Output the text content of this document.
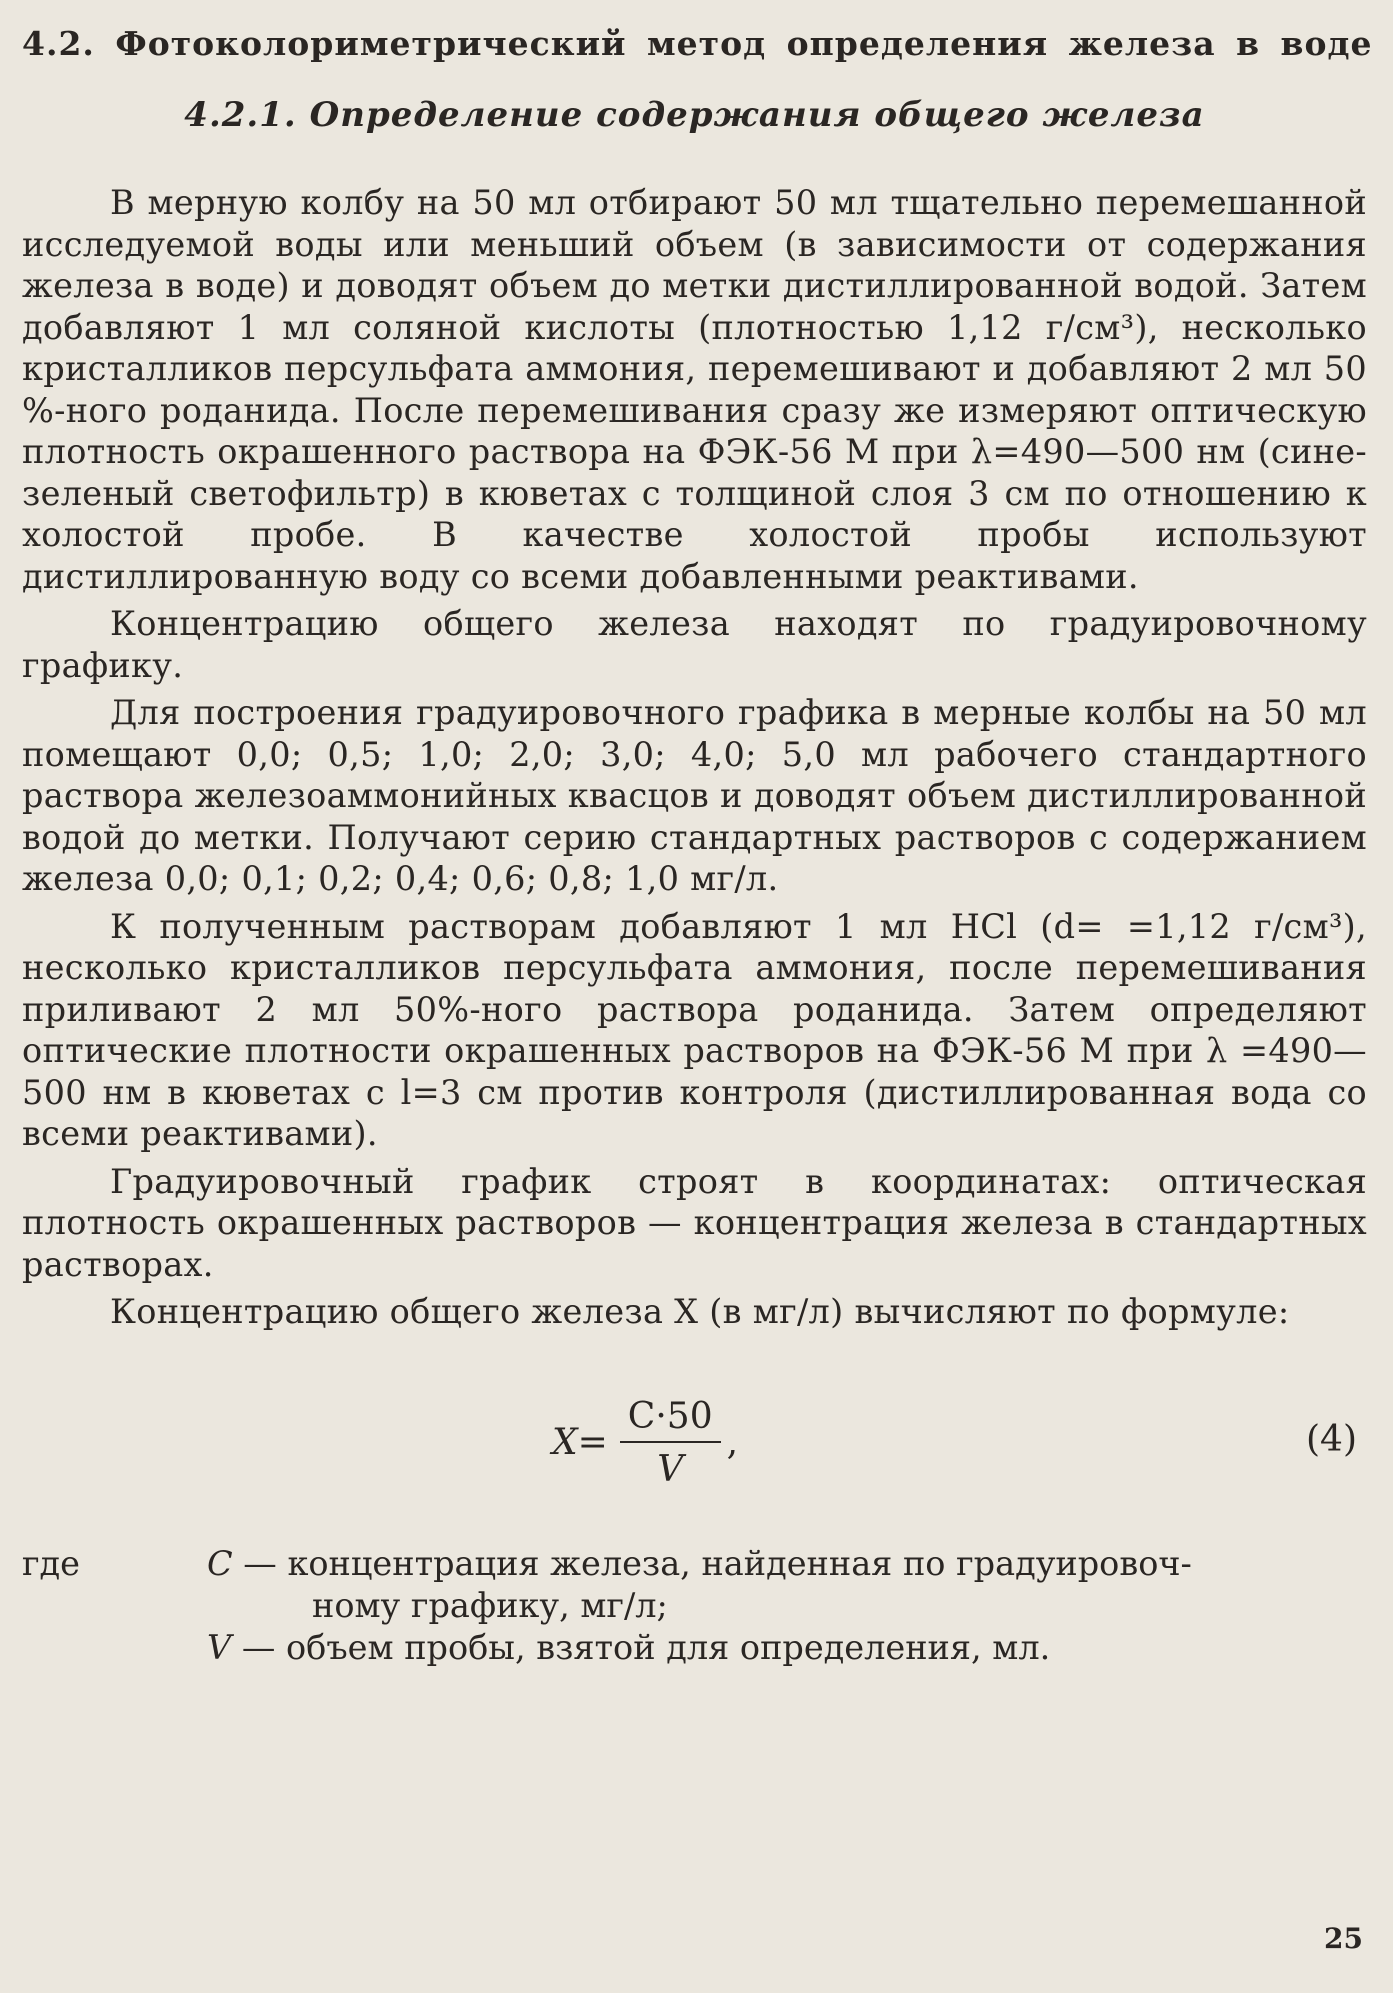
4.2. Фотоколориметрический метод определения железа в воде
4.2.1. Определение содержания общего железа

В мерную колбу на 50 мл отбирают 50 мл тщательно перемешанной исследуемой воды или меньший объем (в зависимости от содержания железа в воде) и доводят объем до метки дистиллированной водой. Затем добавляют 1 мл соляной кислоты (плотностью 1,12 г/см³), несколько кристалликов персульфата аммония, перемешивают и добавляют 2 мл 50 %-ного роданида. После перемешивания сразу же измеряют оптическую плотность окрашенного раствора на ФЭК-56 М при λ=490—500 нм (сине-зеленый светофильтр) в кюветах с толщиной слоя 3 см по отношению к холостой пробе. В качестве холостой пробы используют дистиллированную воду со всеми добавленными реактивами.

Концентрацию общего железа находят по градуировочному графику.

Для построения градуировочного графика в мерные колбы на 50 мл помещают 0,0; 0,5; 1,0; 2,0; 3,0; 4,0; 5,0 мл рабочего стандартного раствора железоаммонийных квасцов и доводят объем дистиллированной водой до метки. Получают серию стандартных растворов с содержанием железа 0,0; 0,1; 0,2; 0,4; 0,6; 0,8; 1,0 мг/л.

К полученным растворам добавляют 1 мл HCl (d= =1,12 г/см³), несколько кристалликов персульфата аммония, после перемешивания приливают 2 мл 50%-ного раствора роданида. Затем определяют оптические плотности окрашенных растворов на ФЭК-56 М при λ =490—500 нм в кюветах с l=3 см против контроля (дистиллированная вода со всеми реактивами).

Градуировочный график строят в координатах: оптическая плотность окрашенных растворов — концентрация железа в стандартных растворах.

Концентрацию общего железа X (в мг/л) вычисляют по формуле:

$X= \frac{C\cdot 50}{V}$ ,	(4)
где	C — концентрация железа, найденная по градуировоч-
ному графику, мг/л;
V — объем пробы, взятой для определения, мл.
25
